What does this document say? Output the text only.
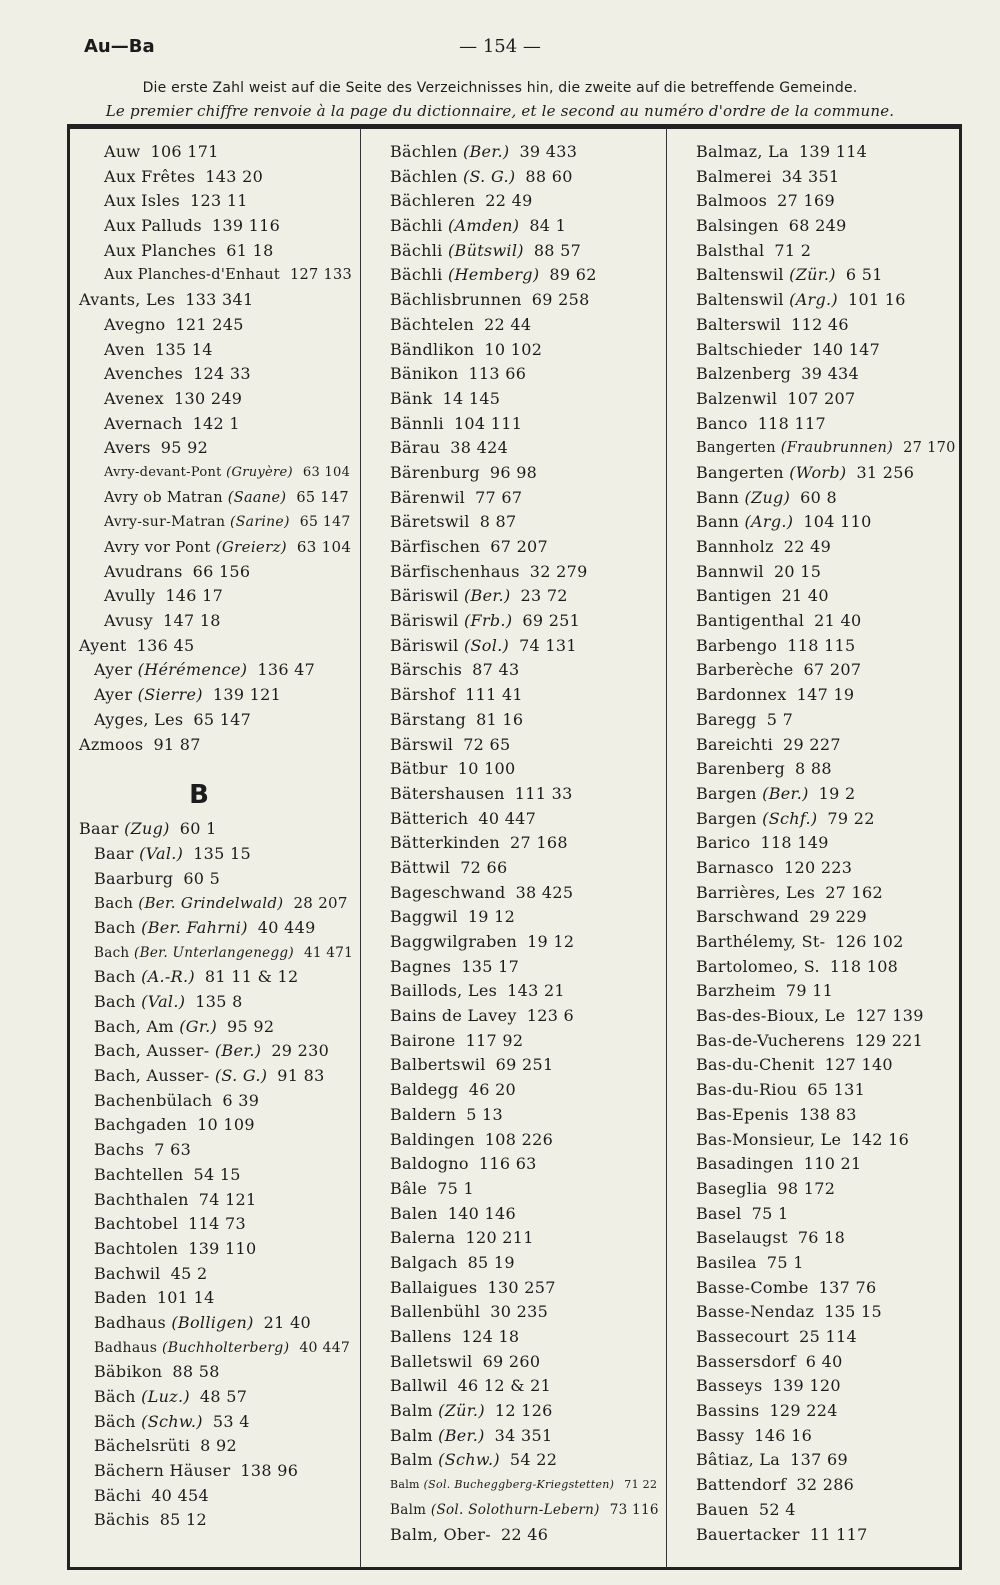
Au—Ba	— 154 —
Die erste Zahl weist auf die Seite des Verzeichnisses hin, die zweite auf die betreffende Gemeinde.
Le premier chiffre renvoie à la page du dictionnaire, et le second au numéro d'ordre de la commune.
Auw 106 171
Aux Frêtes 143 20
Aux Isles 123 11
Aux Palluds 139 116
Aux Planches 61 18
Aux Planches-d'Enhaut 127 133
Avants, Les 133 341
Avegno 121 245
Aven 135 14
Avenches 124 33
Avenex 130 249
Avernach 142 1
Avers 95 92
Avry-devant-Pont (Gruyère) 63 104
Avry ob Matran (Saane) 65 147
Avry-sur-Matran (Sarine) 65 147
Avry vor Pont (Greierz) 63 104
Avudrans 66 156
Avully 146 17
Avusy 147 18
Ayent 136 45
Ayer (Hérémence) 136 47
Ayer (Sierre) 139 121
Ayges, Les 65 147
Azmoos 91 87
B
Baar (Zug) 60 1
Baar (Val.) 135 15
Baarburg 60 5
Bach (Ber. Grindelwald) 28 207
Bach (Ber. Fahrni) 40 449
Bach (Ber. Unterlangenegg) 41 471
Bach (A.-R.) 81 11 & 12
Bach (Val.) 135 8
Bach, Am (Gr.) 95 92
Bach, Ausser- (Ber.) 29 230
Bach, Ausser- (S. G.) 91 83
Bachenbülach 6 39
Bachgaden 10 109
Bachs 7 63
Bachtellen 54 15
Bachthalen 74 121
Bachtobel 114 73
Bachtolen 139 110
Bachwil 45 2
Baden 101 14
Badhaus (Bolligen) 21 40
Badhaus (Buchholterberg) 40 447
Bäbikon 88 58
Bäch (Luz.) 48 57
Bäch (Schw.) 53 4
Bächelsrüti 8 92
Bächern Häuser 138 96
Bächi 40 454
Bächis 85 12
Bächlen (Ber.) 39 433
Bächlen (S. G.) 88 60
Bächleren 22 49
Bächli (Amden) 84 1
Bächli (Bütswil) 88 57
Bächli (Hemberg) 89 62
Bächlisbrunnen 69 258
Bächtelen 22 44
Bändlikon 10 102
Bänikon 113 66
Bänk 14 145
Bännli 104 111
Bärau 38 424
Bärenburg 96 98
Bärenwil 77 67
Bäretswil 8 87
Bärfischen 67 207
Bärfischenhaus 32 279
Bäriswil (Ber.) 23 72
Bäriswil (Frb.) 69 251
Bäriswil (Sol.) 74 131
Bärschis 87 43
Bärshof 111 41
Bärstang 81 16
Bärswil 72 65
Bätbur 10 100
Bätershausen 111 33
Bätterich 40 447
Bätterkinden 27 168
Bättwil 72 66
Bageschwand 38 425
Baggwil 19 12
Baggwilgraben 19 12
Bagnes 135 17
Baillods, Les 143 21
Bains de Lavey 123 6
Bairone 117 92
Balbertswil 69 251
Baldegg 46 20
Baldern 5 13
Baldingen 108 226
Baldogno 116 63
Bâle 75 1
Balen 140 146
Balerna 120 211
Balgach 85 19
Ballaigues 130 257
Ballenbühl 30 235
Ballens 124 18
Balletswil 69 260
Ballwil 46 12 & 21
Balm (Zür.) 12 126
Balm (Ber.) 34 351
Balm (Schw.) 54 22
Balm (Sol. Bucheggberg-Kriegstetten) 71 22
Balm (Sol. Solothurn-Lebern) 73 116
Balm, Ober- 22 46
Balmaz, La 139 114
Balmerei 34 351
Balmoos 27 169
Balsingen 68 249
Balsthal 71 2
Baltenswil (Zür.) 6 51
Baltenswil (Arg.) 101 16
Balterswil 112 46
Baltschieder 140 147
Balzenberg 39 434
Balzenwil 107 207
Banco 118 117
Bangerten (Fraubrunnen) 27 170
Bangerten (Worb) 31 256
Bann (Zug) 60 8
Bann (Arg.) 104 110
Bannholz 22 49
Bannwil 20 15
Bantigen 21 40
Bantigenthal 21 40
Barbengo 118 115
Barberèche 67 207
Bardonnex 147 19
Baregg 5 7
Bareichti 29 227
Barenberg 8 88
Bargen (Ber.) 19 2
Bargen (Schf.) 79 22
Barico 118 149
Barnasco 120 223
Barrières, Les 27 162
Barschwand 29 229
Barthélemy, St- 126 102
Bartolomeo, S. 118 108
Barzheim 79 11
Bas-des-Bioux, Le 127 139
Bas-de-Vucherens 129 221
Bas-du-Chenit 127 140
Bas-du-Riou 65 131
Bas-Epenis 138 83
Bas-Monsieur, Le 142 16
Basadingen 110 21
Baseglia 98 172
Basel 75 1
Baselaugst 76 18
Basilea 75 1
Basse-Combe 137 76
Basse-Nendaz 135 15
Bassecourt 25 114
Bassersdorf 6 40
Basseys 139 120
Bassins 129 224
Bassy 146 16
Bâtiaz, La 137 69
Battendorf 32 286
Bauen 52 4
Bauertacker 11 117
